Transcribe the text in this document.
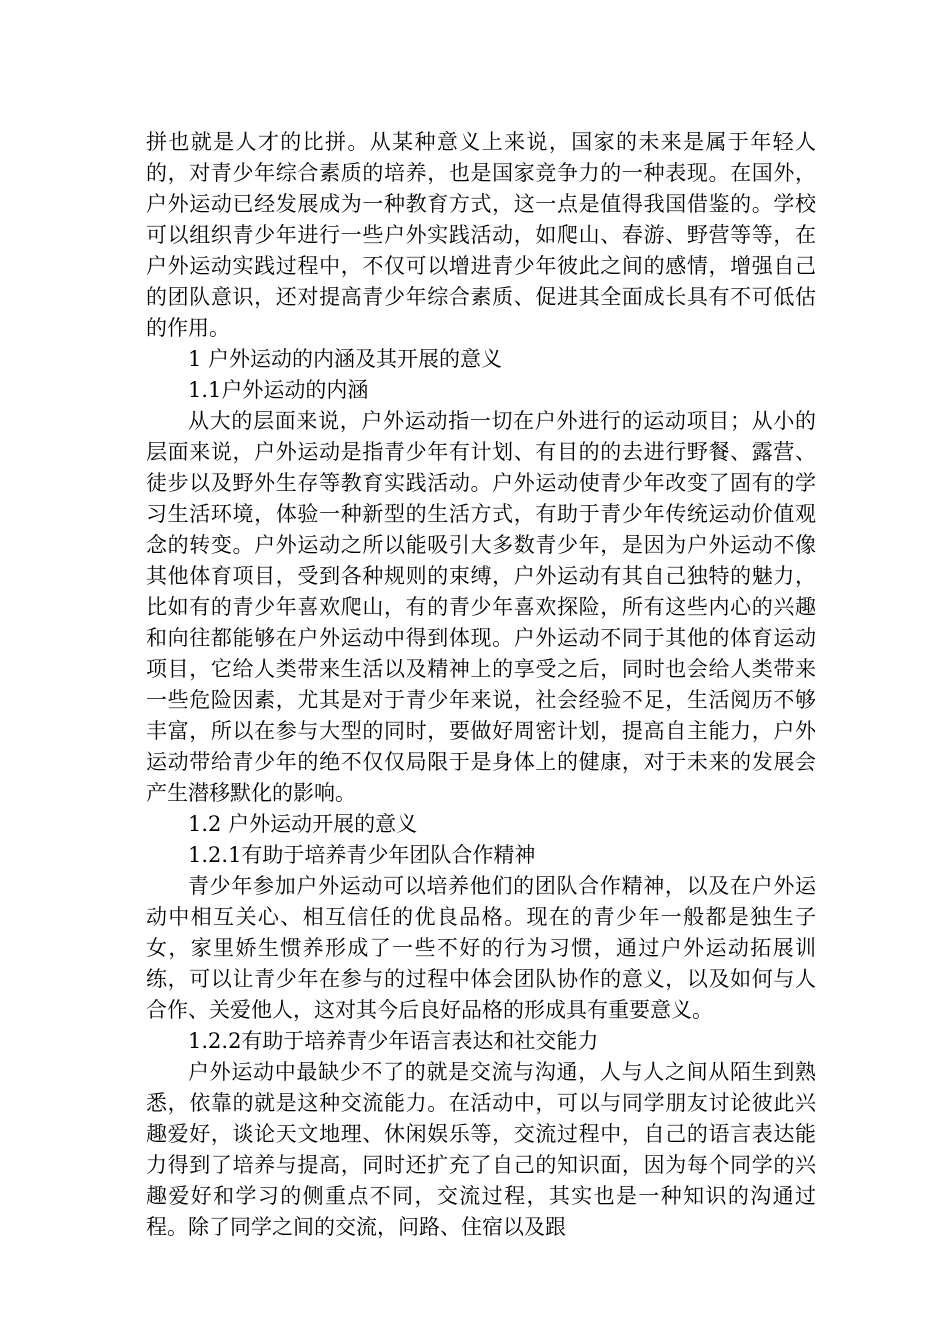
拼也就是人才的比拼。从某种意义上来说，国家的未来是属于年轻人的，对青少年综合素质的培养，也是国家竞争力的一种表现。在国外，户外运动已经发展成为一种教育方式，这一点是值得我国借鉴的。学校可以组织青少年进行一些户外实践活动，如爬山、春游、野营等等，在户外运动实践过程中，不仅可以增进青少年彼此之间的感情，增强自己的团队意识，还对提高青少年综合素质、促进其全面成长具有不可低估的作用。

1 户外运动的内涵及其开展的意义

1.1户外运动的内涵

从大的层面来说，户外运动指一切在户外进行的运动项目；从小的层面来说，户外运动是指青少年有计划、有目的的去进行野餐、露营、徒步以及野外生存等教育实践活动。户外运动使青少年改变了固有的学习生活环境，体验一种新型的生活方式，有助于青少年传统运动价值观念的转变。户外运动之所以能吸引大多数青少年，是因为户外运动不像其他体育项目，受到各种规则的束缚，户外运动有其自己独特的魅力，比如有的青少年喜欢爬山，有的青少年喜欢探险，所有这些内心的兴趣和向往都能够在户外运动中得到体现。户外运动不同于其他的体育运动项目，它给人类带来生活以及精神上的享受之后，同时也会给人类带来一些危险因素，尤其是对于青少年来说，社会经验不足，生活阅历不够丰富，所以在参与大型的同时，要做好周密计划，提高自主能力，户外运动带给青少年的绝不仅仅局限于是身体上的健康，对于未来的发展会产生潜移默化的影响。

1.2 户外运动开展的意义

1.2.1有助于培养青少年团队合作精神

青少年参加户外运动可以培养他们的团队合作精神，以及在户外运动中相互关心、相互信任的优良品格。现在的青少年一般都是独生子女，家里娇生惯养形成了一些不好的行为习惯，通过户外运动拓展训练，可以让青少年在参与的过程中体会团队协作的意义，以及如何与人合作、关爱他人，这对其今后良好品格的形成具有重要意义。

1.2.2有助于培养青少年语言表达和社交能力

户外运动中最缺少不了的就是交流与沟通，人与人之间从陌生到熟悉，依靠的就是这种交流能力。在活动中，可以与同学朋友讨论彼此兴趣爱好，谈论天文地理、休闲娱乐等，交流过程中，自己的语言表达能力得到了培养与提高，同时还扩充了自己的知识面，因为每个同学的兴趣爱好和学习的侧重点不同，交流过程，其实也是一种知识的沟通过程。除了同学之间的交流，问路、住宿以及跟
